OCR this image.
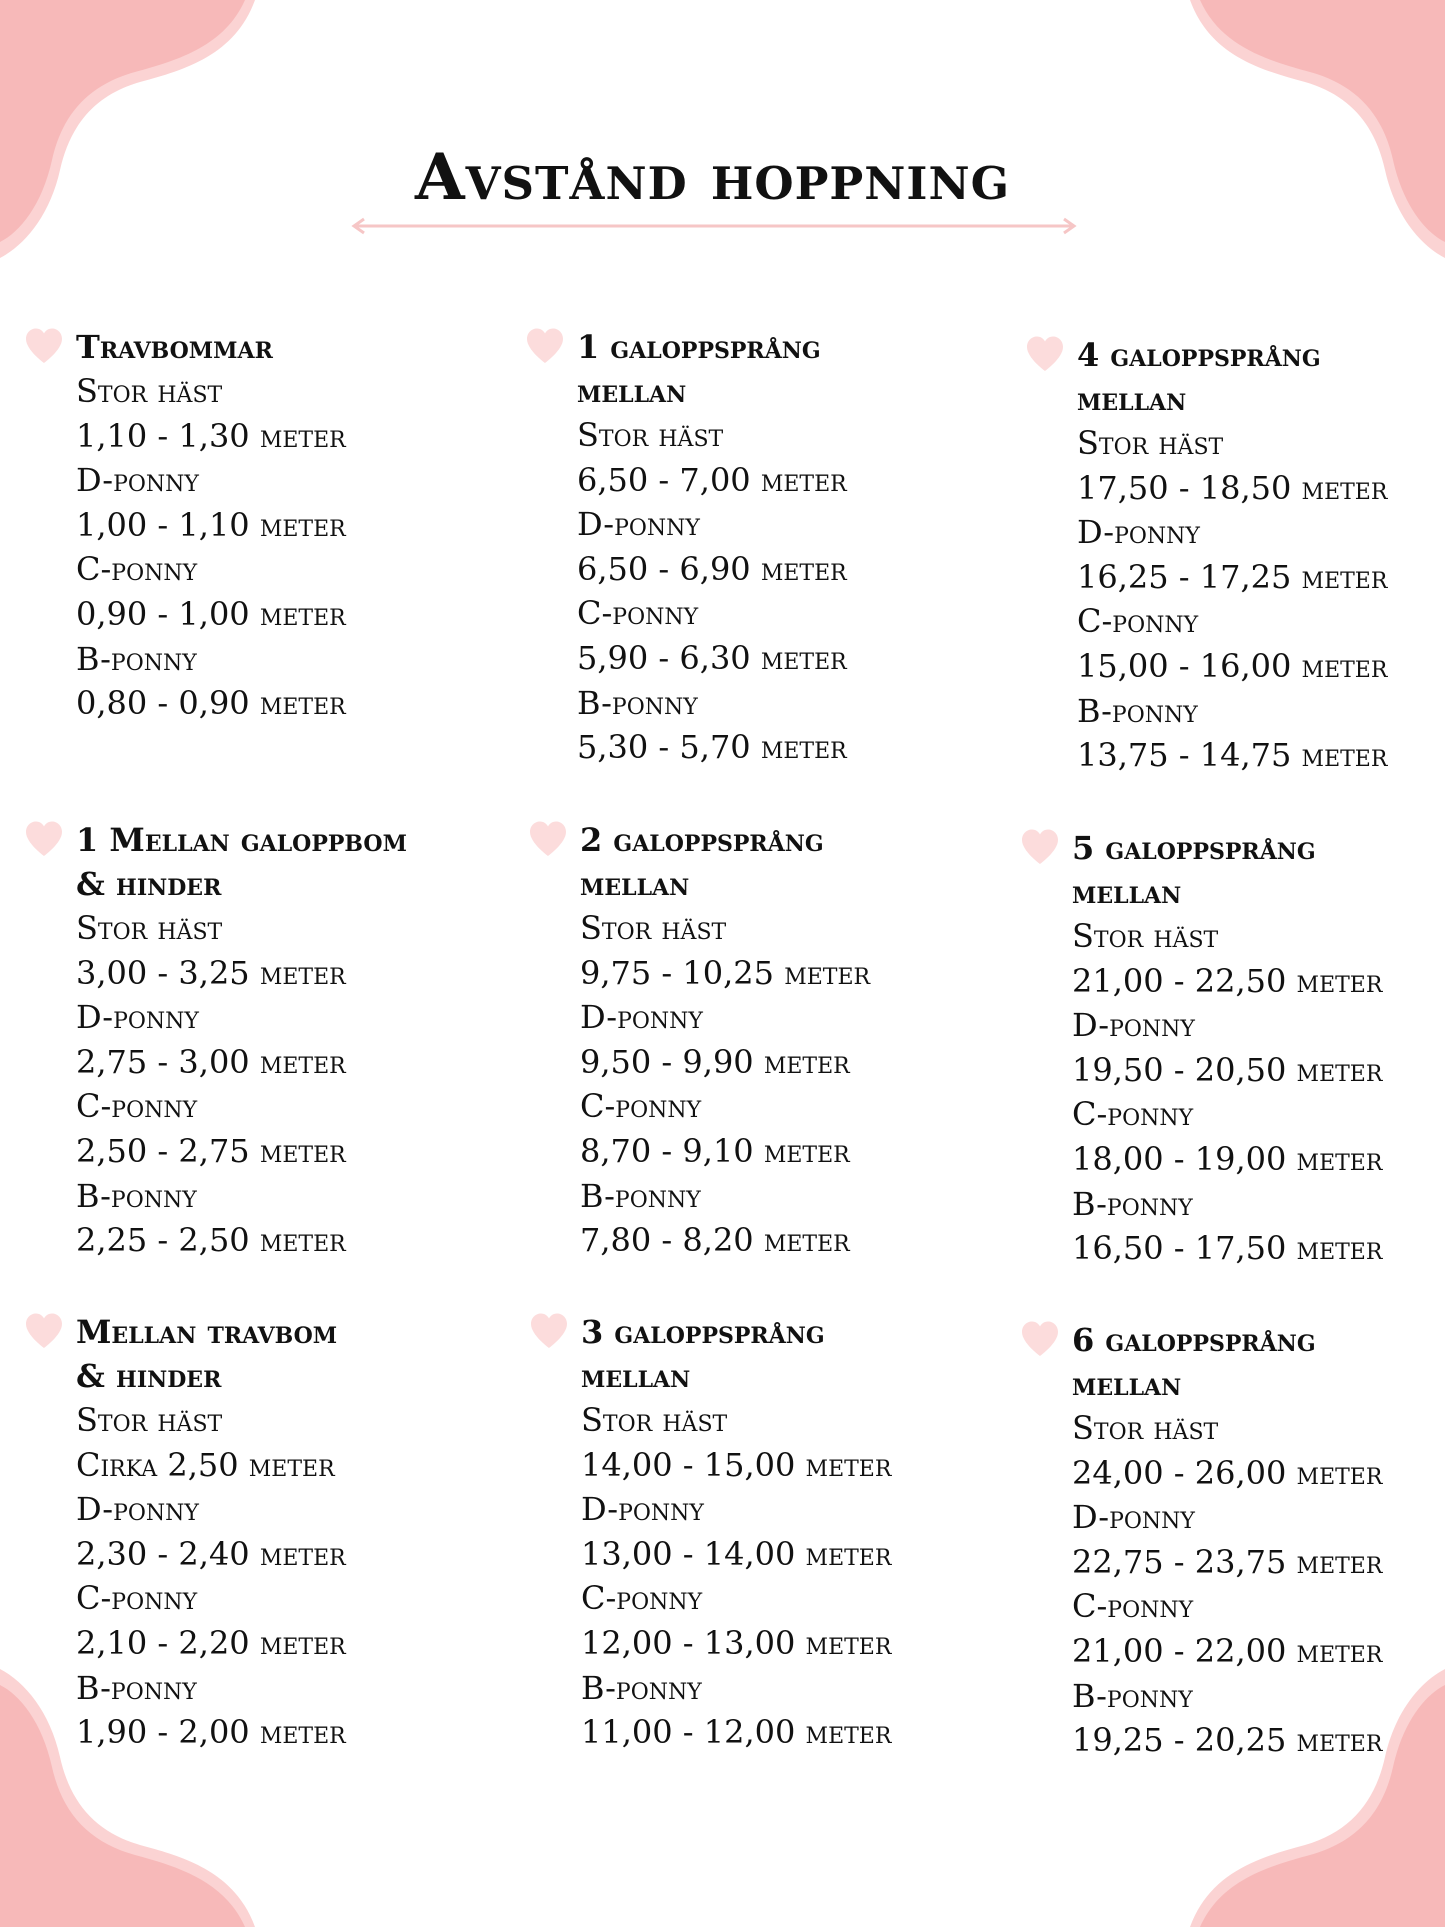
Avstånd hoppning

Travbommar

Stor häst

1,10 - 1,30 meter

D-ponny

1,00 - 1,10 meter

C-ponny

0,90 - 1,00 meter

B-ponny

0,80 - 0,90 meter

1 galoppsprång

mellan

Stor häst

6,50 - 7,00 meter

D-ponny

6,50 - 6,90 meter

C-ponny

5,90 - 6,30 meter

B-ponny

5,30 - 5,70 meter

4 galoppsprång

mellan

Stor häst

17,50 - 18,50 meter

D-ponny

16,25 - 17,25 meter

C-ponny

15,00 - 16,00 meter

B-ponny

13,75 - 14,75 meter

1 Mellan galoppbom

& hinder

Stor häst

3,00 - 3,25 meter

D-ponny

2,75 - 3,00 meter

C-ponny

2,50 - 2,75 meter

B-ponny

2,25 - 2,50 meter

2 galoppsprång

mellan

Stor häst

9,75 - 10,25 meter

D-ponny

9,50 - 9,90 meter

C-ponny

8,70 - 9,10 meter

B-ponny

7,80 - 8,20 meter

5 galoppsprång

mellan

Stor häst

21,00 - 22,50 meter

D-ponny

19,50 - 20,50 meter

C-ponny

18,00 - 19,00 meter

B-ponny

16,50 - 17,50 meter

Mellan travbom

& hinder

Stor häst

Cirka 2,50 meter

D-ponny

2,30 - 2,40 meter

C-ponny

2,10 - 2,20 meter

B-ponny

1,90 - 2,00 meter

3 galoppsprång

mellan

Stor häst

14,00 - 15,00 meter

D-ponny

13,00 - 14,00 meter

C-ponny

12,00 - 13,00 meter

B-ponny

11,00 - 12,00 meter

6 galoppsprång

mellan

Stor häst

24,00 - 26,00 meter

D-ponny

22,75 - 23,75 meter

C-ponny

21,00 - 22,00 meter

B-ponny

19,25 - 20,25 meter
